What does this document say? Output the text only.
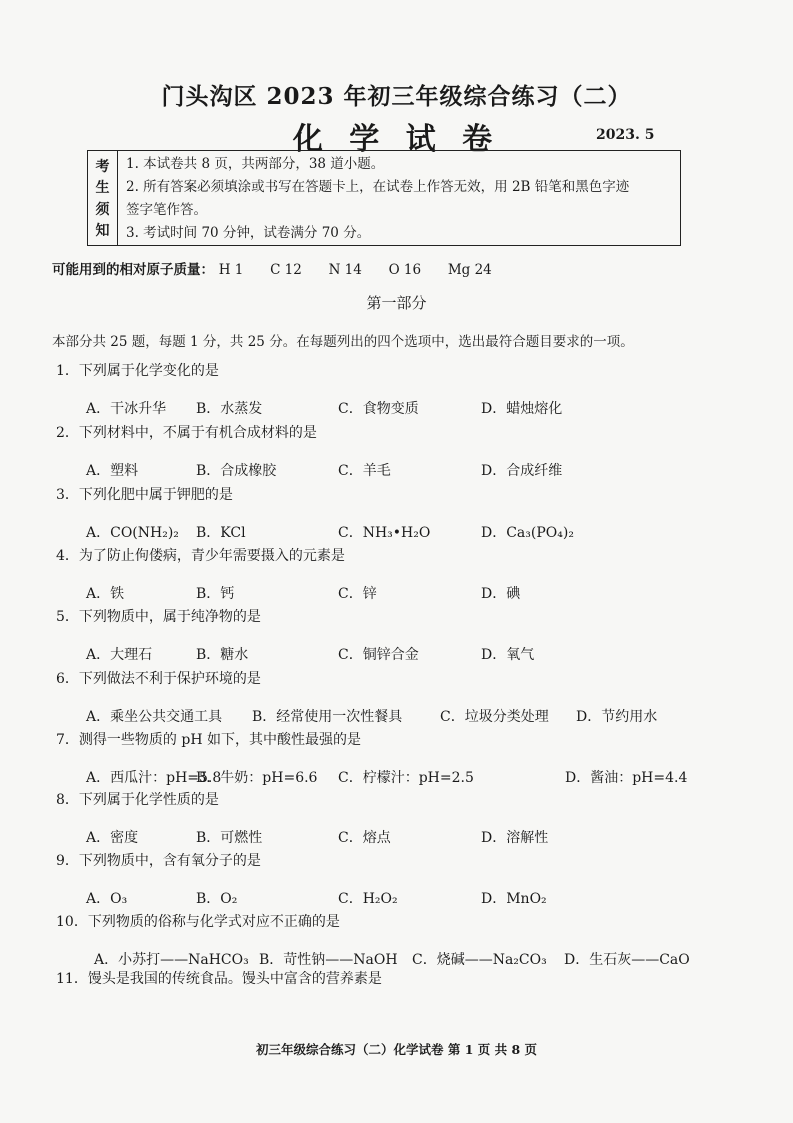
门头沟区 2023 年初三年级综合练习（二）
化 学 试 卷	2023. 5
考
生
须
知
1. 本试卷共 8 页，共两部分，38 道小题。
2. 所有答案必须填涂或书写在答题卡上，在试卷上作答无效，用 2B 铅笔和黑色字迹
签字笔作答。
3. 考试时间 70 分钟，试卷满分 70 分。
可能用到的相对原子质量： H 1 C 12 N 14 O 16 Mg 24
第一部分
本部分共 25 题，每题 1 分，共 25 分。在每题列出的四个选项中，选出最符合题目要求的一项。
1．下列属于化学变化的是
A．干冰升华 B．水蒸发	C．食物变质	D．蜡烛熔化
2．下列材料中，不属于有机合成材料的是
A．塑料	B．合成橡胶	C．羊毛	D．合成纤维
3．下列化肥中属于钾肥的是
A．CO(NH₂)₂ B．KCl	C．NH₃•H₂O	D．Ca₃(PO₄)₂
4．为了防止佝偻病，青少年需要摄入的元素是
A．铁	B．钙	C．锌	D．碘
5．下列物质中，属于纯净物的是
A．大理石	B．糖水	C．铜锌合金	D．氧气
6．下列做法不利于保护环境的是
A．乘坐公共交通工具 B．经常使用一次性餐具	C．垃圾分类处理 D．节约用水
7．测得一些物质的 pH 如下，其中酸性最强的是
A．西瓜汁：pH=5.8
B．牛奶：pH=6.6 C．柠檬汁：pH=2.5	D．酱油：pH=4.4
8．下列属于化学性质的是
A．密度	B．可燃性	C．熔点	D．溶解性
9．下列物质中，含有氧分子的是
A．O₃	B．O₂	C．H₂O₂	D．MnO₂
10．下列物质的俗称与化学式对应不正确的是
A．小苏打——NaHCO₃ B．苛性钠——NaOH C．烧碱——Na₂CO₃ D．生石灰——CaO
11．馒头是我国的传统食品。馒头中富含的营养素是
初三年级综合练习（二）化学试卷 第 1 页 共 8 页
